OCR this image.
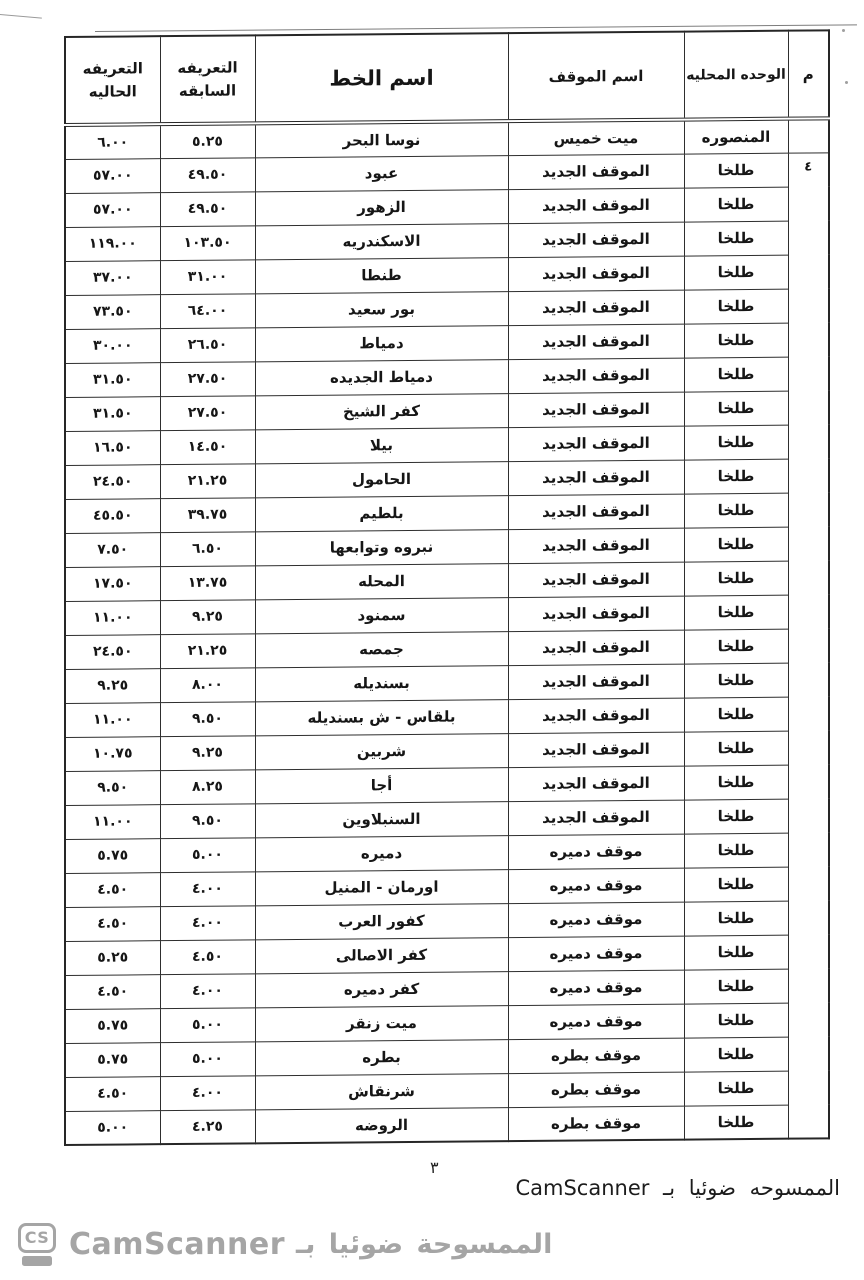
م	الوحده المحليه	اسم الموقف	اسم الخط	التعريفه السابقه	التعريفه الحاليه
	المنصوره	ميت خميس	نوسا البحر	٥.٢٥	٦.٠٠
٤	طلخا	الموقف الجديد	عبود	٤٩.٥٠	٥٧.٠٠
	طلخا	الموقف الجديد	الزهور	٤٩.٥٠	٥٧.٠٠
	طلخا	الموقف الجديد	الاسكندريه	١٠٣.٥٠	١١٩.٠٠
	طلخا	الموقف الجديد	طنطا	٣١.٠٠	٣٧.٠٠
	طلخا	الموقف الجديد	بور سعيد	٦٤.٠٠	٧٣.٥٠
	طلخا	الموقف الجديد	دمياط	٢٦.٥٠	٣٠.٠٠
	طلخا	الموقف الجديد	دمياط الجديده	٢٧.٥٠	٣١.٥٠
	طلخا	الموقف الجديد	كفر الشيخ	٢٧.٥٠	٣١.٥٠
	طلخا	الموقف الجديد	بيلا	١٤.٥٠	١٦.٥٠
	طلخا	الموقف الجديد	الحامول	٢١.٢٥	٢٤.٥٠
	طلخا	الموقف الجديد	بلطيم	٣٩.٧٥	٤٥.٥٠
	طلخا	الموقف الجديد	نبروه وتوابعها	٦.٥٠	٧.٥٠
	طلخا	الموقف الجديد	المحله	١٣.٧٥	١٧.٥٠
	طلخا	الموقف الجديد	سمنود	٩.٢٥	١١.٠٠
	طلخا	الموقف الجديد	جمصه	٢١.٢٥	٢٤.٥٠
	طلخا	الموقف الجديد	بسنديله	٨.٠٠	٩.٢٥
	طلخا	الموقف الجديد	بلقاس - ش بسنديله	٩.٥٠	١١.٠٠
	طلخا	الموقف الجديد	شربين	٩.٢٥	١٠.٧٥
	طلخا	الموقف الجديد	أجا	٨.٢٥	٩.٥٠
	طلخا	الموقف الجديد	السنبلاوين	٩.٥٠	١١.٠٠
	طلخا	موقف دميره	دميره	٥.٠٠	٥.٧٥
	طلخا	موقف دميره	اورمان - المنيل	٤.٠٠	٤.٥٠
	طلخا	موقف دميره	كفور العرب	٤.٠٠	٤.٥٠
	طلخا	موقف دميره	كفر الاصالى	٤.٥٠	٥.٢٥
	طلخا	موقف دميره	كفر دميره	٤.٠٠	٤.٥٠
	طلخا	موقف دميره	ميت زنقر	٥.٠٠	٥.٧٥
	طلخا	موقف بطره	بطره	٥.٠٠	٥.٧٥
	طلخا	موقف بطره	شرنقاش	٤.٠٠	٤.٥٠
	طلخا	موقف بطره	الروضه	٤.٢٥	٥.٠٠
٣
الممسوحه ضوئيا بـ CamScanner
CS CamScanner الممسوحة ضوئيا بـ
